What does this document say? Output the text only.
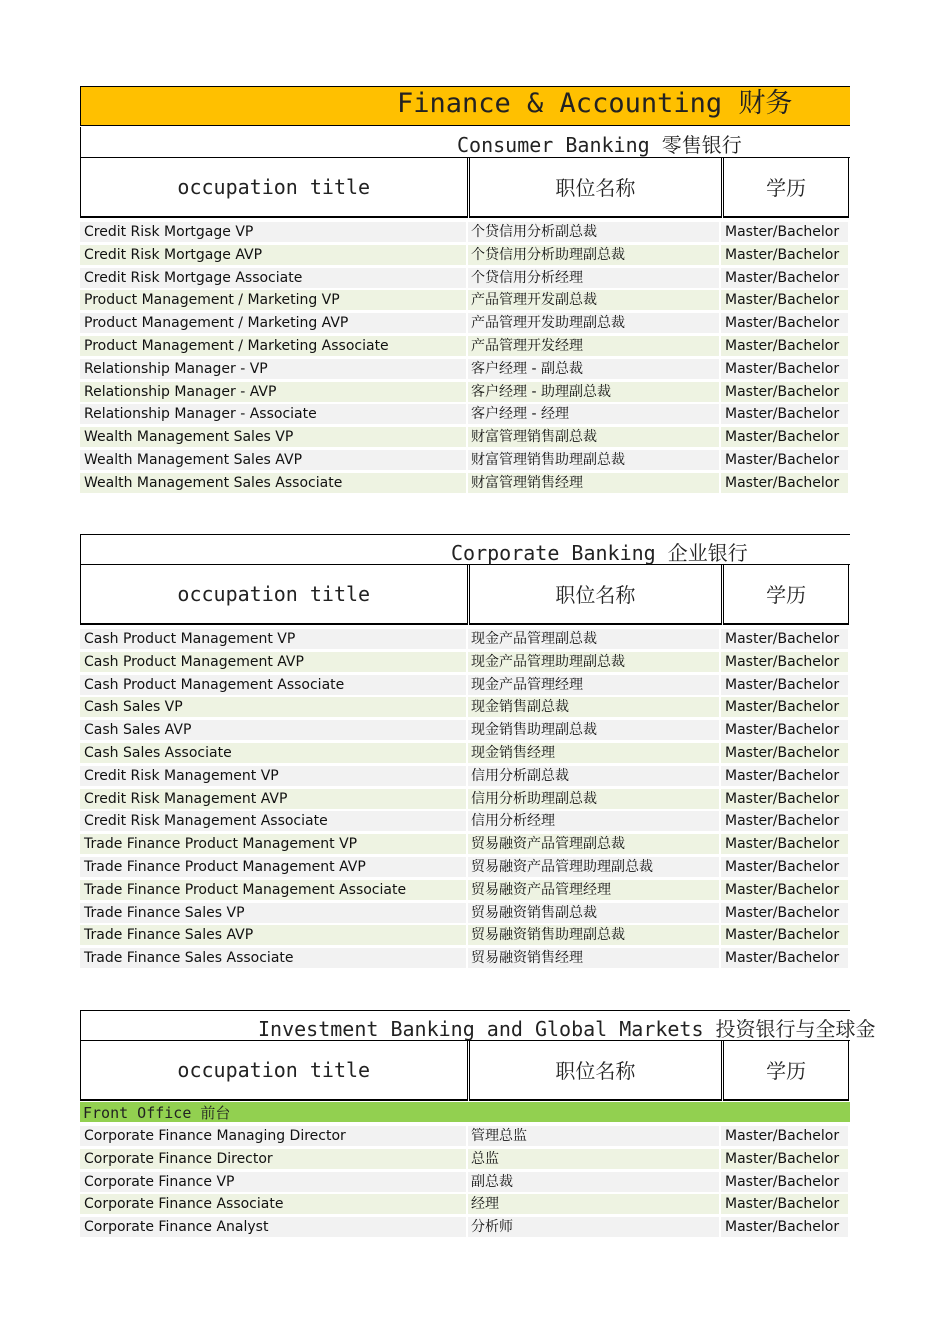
Finance & Accounting 财务
Consumer Banking 零售银行
occupation title	职位名称	学历
Credit Risk Mortgage VP	个贷信用分析副总裁	Master/Bachelor
Credit Risk Mortgage AVP	个贷信用分析助理副总裁	Master/Bachelor
Credit Risk Mortgage Associate	个贷信用分析经理	Master/Bachelor
Product Management / Marketing VP	产品管理开发副总裁	Master/Bachelor
Product Management / Marketing AVP	产品管理开发助理副总裁	Master/Bachelor
Product Management / Marketing Associate	产品管理开发经理	Master/Bachelor
Relationship Manager - VP	客户经理 - 副总裁	Master/Bachelor
Relationship Manager - AVP	客户经理 - 助理副总裁	Master/Bachelor
Relationship Manager - Associate	客户经理 - 经理	Master/Bachelor
Wealth Management Sales VP	财富管理销售副总裁	Master/Bachelor
Wealth Management Sales AVP	财富管理销售助理副总裁	Master/Bachelor
Wealth Management Sales Associate	财富管理销售经理	Master/Bachelor
Corporate Banking 企业银行
occupation title	职位名称	学历
Cash Product Management VP	现金产品管理副总裁	Master/Bachelor
Cash Product Management AVP	现金产品管理助理副总裁	Master/Bachelor
Cash Product Management Associate	现金产品管理经理	Master/Bachelor
Cash Sales VP	现金销售副总裁	Master/Bachelor
Cash Sales AVP	现金销售助理副总裁	Master/Bachelor
Cash Sales Associate	现金销售经理	Master/Bachelor
Credit Risk Management VP	信用分析副总裁	Master/Bachelor
Credit Risk Management AVP	信用分析助理副总裁	Master/Bachelor
Credit Risk Management Associate	信用分析经理	Master/Bachelor
Trade Finance Product Management VP	贸易融资产品管理副总裁	Master/Bachelor
Trade Finance Product Management AVP	贸易融资产品管理助理副总裁	Master/Bachelor
Trade Finance Product Management Associate	贸易融资产品管理经理	Master/Bachelor
Trade Finance Sales VP	贸易融资销售副总裁	Master/Bachelor
Trade Finance Sales AVP	贸易融资销售助理副总裁	Master/Bachelor
Trade Finance Sales Associate	贸易融资销售经理	Master/Bachelor
Investment Banking and Global Markets 投资银行与全球金
occupation title	职位名称	学历
Front Office 前台
Corporate Finance Managing Director	管理总监	Master/Bachelor
Corporate Finance Director	总监	Master/Bachelor
Corporate Finance VP	副总裁	Master/Bachelor
Corporate Finance Associate	经理	Master/Bachelor
Corporate Finance Analyst	分析师	Master/Bachelor
